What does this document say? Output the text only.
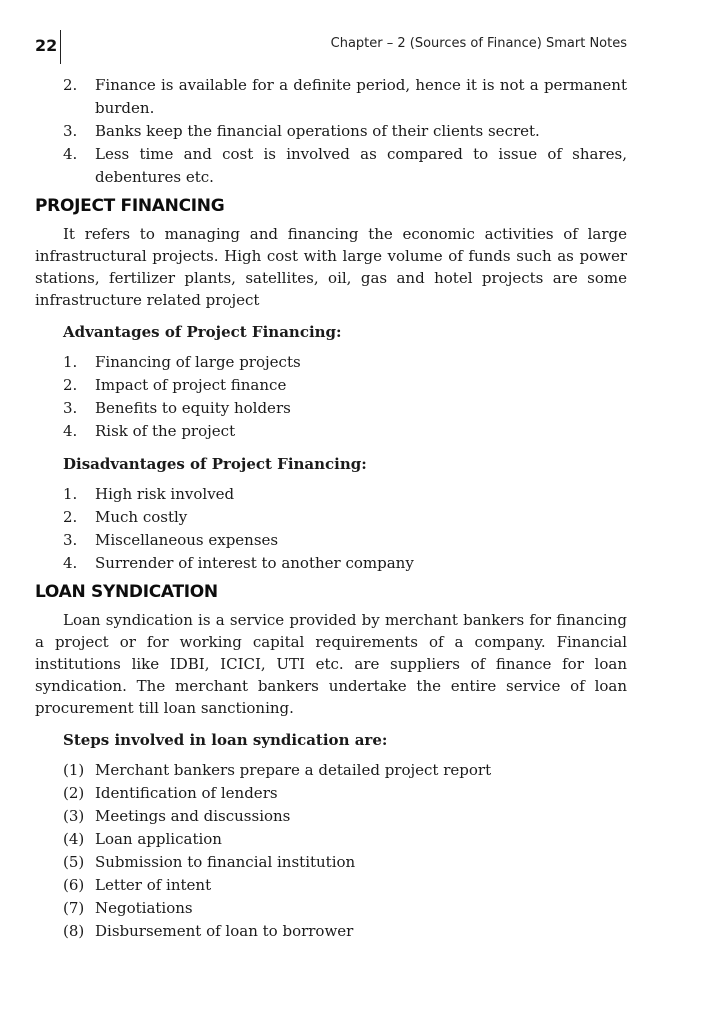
22	Chapter – 2 (Sources of Finance) Smart Notes
2. Finance is available for a definite period, hence it is not a permanent burden.
3. Banks keep the financial operations of their clients secret.
4. Less time and cost is involved as compared to issue of shares, debentures etc.
PROJECT FINANCING

It refers to managing and financing the economic activities of large infrastructural projects. High cost with large volume of funds such as power stations, fertilizer plants, satellites, oil, gas and hotel projects are some infrastructure related project

Advantages of Project Financing:
1. Financing of large projects
2. Impact of project finance
3. Benefits to equity holders
4. Risk of the project
Disadvantages of Project Financing:
1. High risk involved
2. Much costly
3. Miscellaneous expenses
4. Surrender of interest to another company
LOAN SYNDICATION

Loan syndication is a service provided by merchant bankers for financing a project or for working capital requirements of a company. Financial institutions like IDBI, ICICI, UTI etc. are suppliers of finance for loan syndication. The merchant bankers undertake the entire service of loan procurement till loan sanctioning.

Steps involved in loan syndication are:
(1) Merchant bankers prepare a detailed project report
(2) Identification of lenders
(3) Meetings and discussions
(4) Loan application
(5) Submission to financial institution
(6) Letter of intent
(7) Negotiations
(8) Disbursement of loan to borrower
